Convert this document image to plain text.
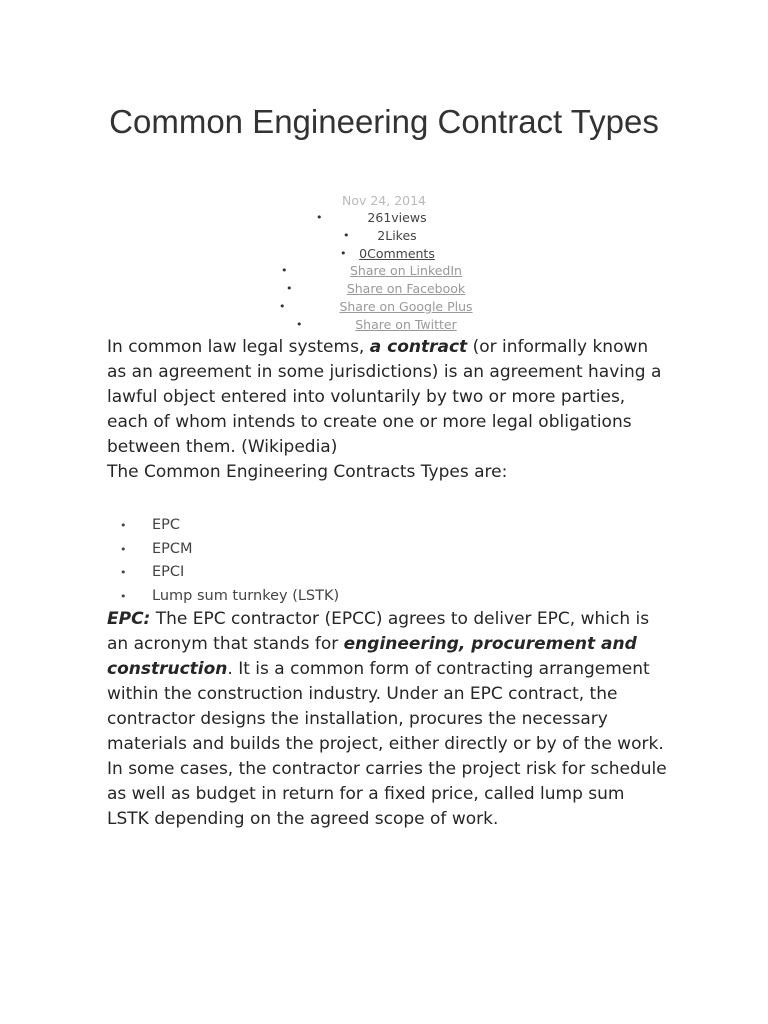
Common Engineering Contract Types
Nov 24, 2014
•	261views
•	2Likes
•	0Comments
•	Share on LinkedIn
•	Share on Facebook
•	Share on Google Plus
•	Share on Twitter

In common law legal systems, a contract (or informally known as an agreement in some jurisdictions) is an agreement having a lawful object entered into voluntarily by two or more parties, each of whom intends to create one or more legal obligations between them. (Wikipedia)
The Common Engineering Contracts Types are:

• EPC
• EPCM
• EPCI
• Lump sum turnkey (LSTK)

EPC: The EPC contractor (EPCC) agrees to deliver EPC, which is an acronym that stands for engineering, procurement and construction. It is a common form of contracting arrangement within the construction industry. Under an EPC contract, the contractor designs the installation, procures the necessary materials and builds the project, either directly or by of the work. In some cases, the contractor carries the project risk for schedule as well as budget in return for a fixed price, called lump sum LSTK depending on the agreed scope of work.
